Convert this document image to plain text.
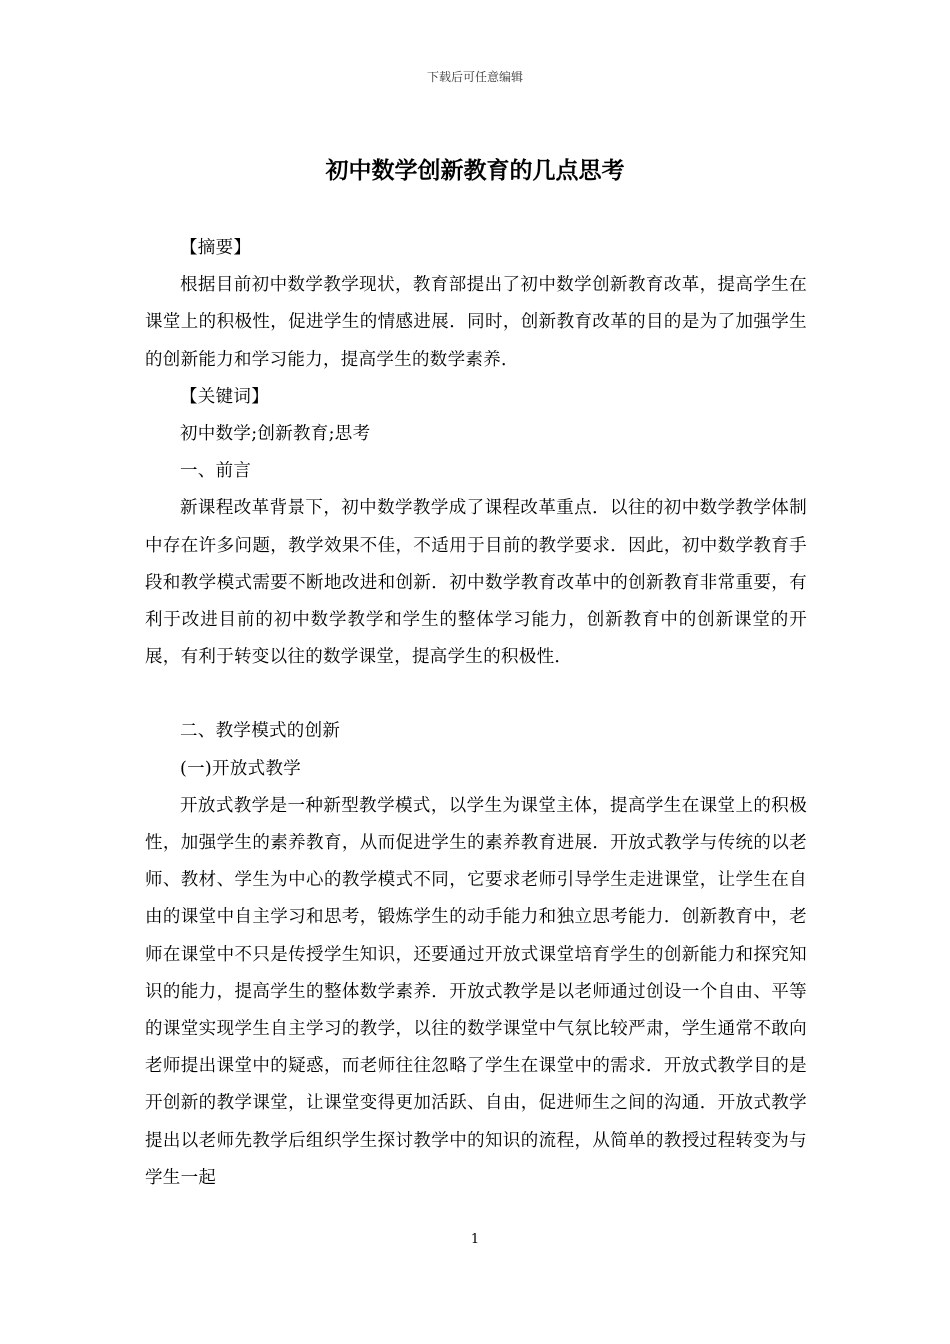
下载后可任意编辑
初中数学创新教育的几点思考

【摘要】

根据目前初中数学教学现状，教育部提出了初中数学创新教育改革，提高学生在课堂上的积极性，促进学生的情感进展．同时，创新教育改革的目的是为了加强学生的创新能力和学习能力，提高学生的数学素养．

【关键词】

初中数学;创新教育;思考

一、前言

新课程改革背景下，初中数学教学成了课程改革重点．以往的初中数学教学体制中存在许多问题，教学效果不佳，不适用于目前的教学要求．因此，初中数学教育手段和教学模式需要不断地改进和创新．初中数学教育改革中的创新教育非常重要，有利于改进目前的初中数学教学和学生的整体学习能力，创新教育中的创新课堂的开展，有利于转变以往的数学课堂，提高学生的积极性．

二、教学模式的创新

(一)开放式教学

开放式教学是一种新型教学模式，以学生为课堂主体，提高学生在课堂上的积极性，加强学生的素养教育，从而促进学生的素养教育进展．开放式教学与传统的以老师、教材、学生为中心的教学模式不同，它要求老师引导学生走进课堂，让学生在自由的课堂中自主学习和思考，锻炼学生的动手能力和独立思考能力．创新教育中，老师在课堂中不只是传授学生知识，还要通过开放式课堂培育学生的创新能力和探究知识的能力，提高学生的整体数学素养．开放式教学是以老师通过创设一个自由、平等的课堂实现学生自主学习的教学，以往的数学课堂中气氛比较严肃，学生通常不敢向老师提出课堂中的疑惑，而老师往往忽略了学生在课堂中的需求．开放式教学目的是开创新的教学课堂，让课堂变得更加活跃、自由，促进师生之间的沟通．开放式教学提出以老师先教学后组织学生探讨教学中的知识的流程，从简单的教授过程转变为与学生一起

1
